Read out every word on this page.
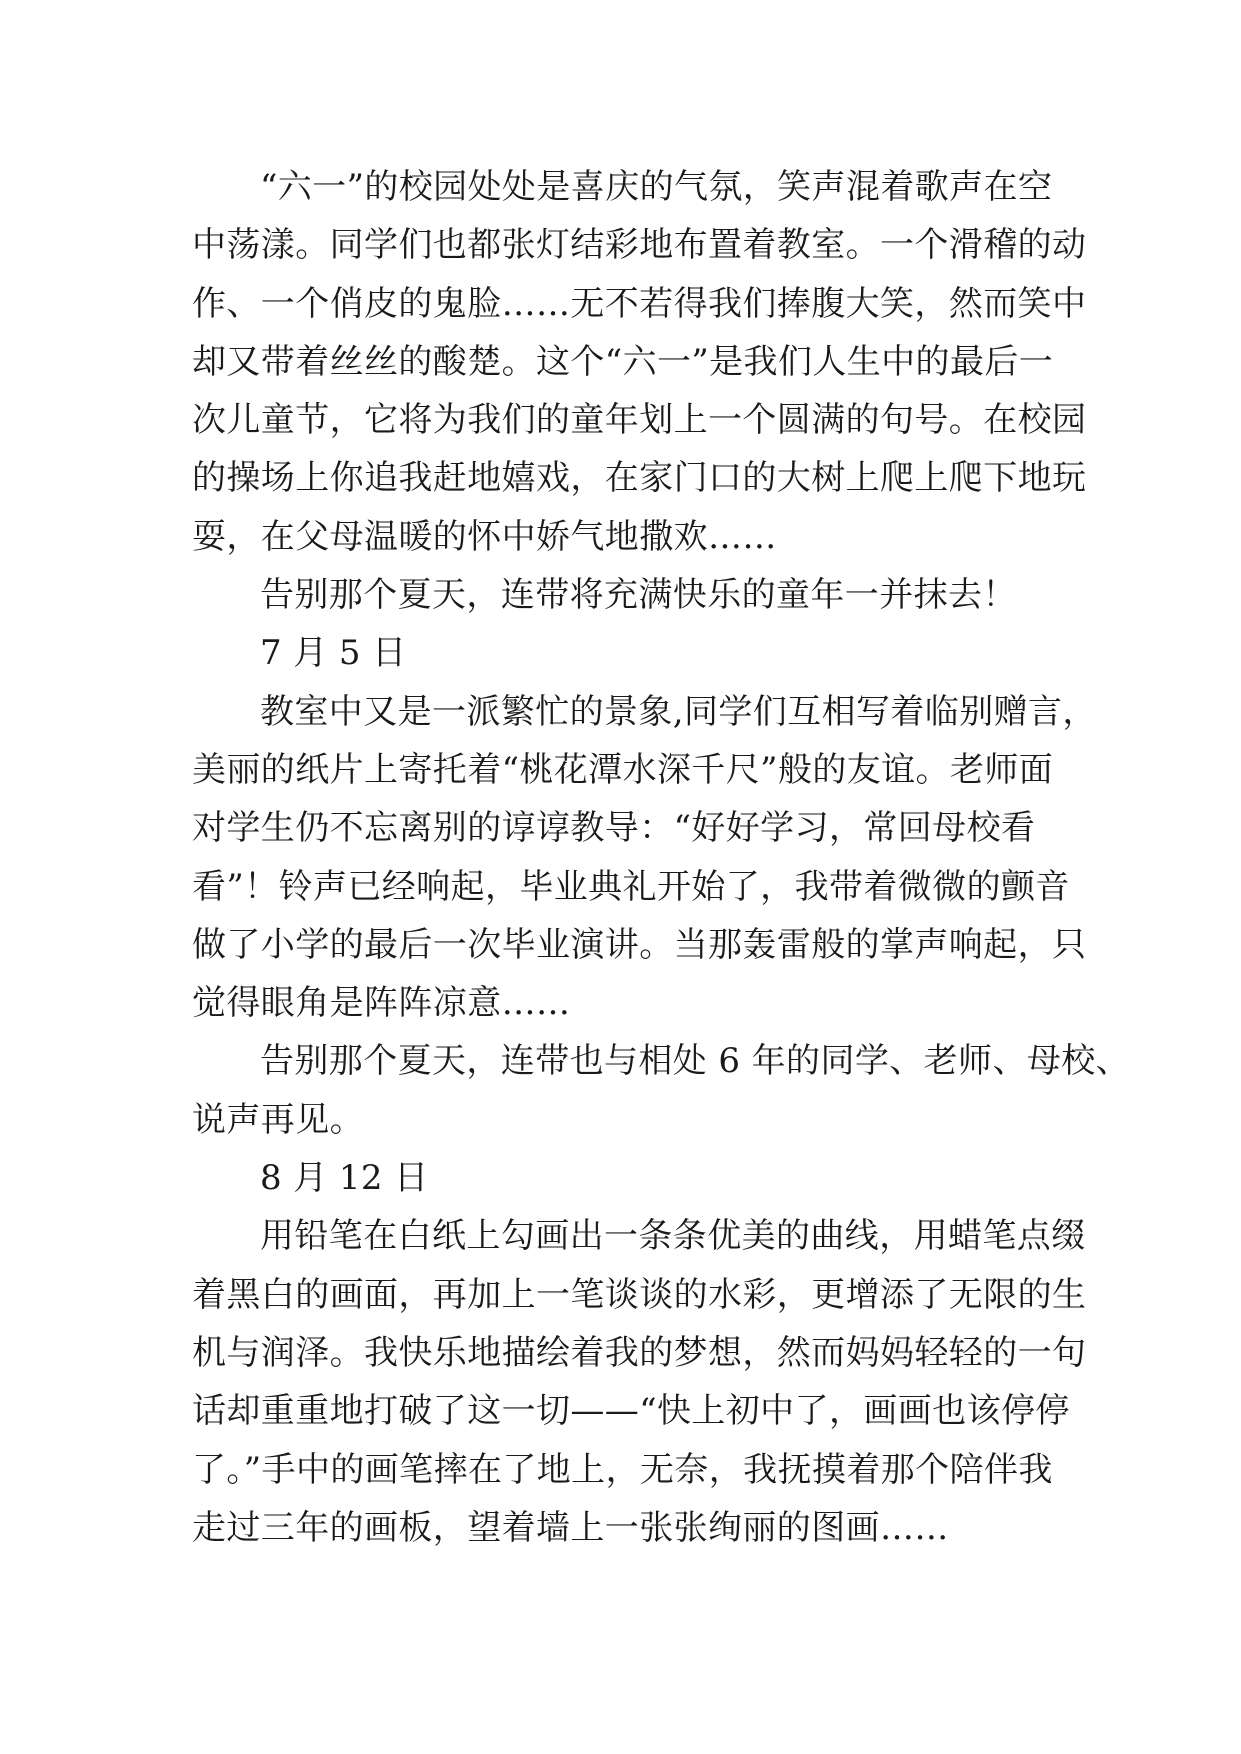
“六一”的校园处处是喜庆的气氛，笑声混着歌声在空
中荡漾。同学们也都张灯结彩地布置着教室。一个滑稽的动
作、一个俏皮的鬼脸……无不若得我们捧腹大笑，然而笑中
却又带着丝丝的酸楚。这个“六一”是我们人生中的最后一
次儿童节，它将为我们的童年划上一个圆满的句号。在校园
的操场上你追我赶地嬉戏，在家门口的大树上爬上爬下地玩
耍，在父母温暖的怀中娇气地撒欢……
告别那个夏天，连带将充满快乐的童年一并抹去！
7 月 5 日
教室中又是一派繁忙的景象,同学们互相写着临别赠言，
美丽的纸片上寄托着“桃花潭水深千尺”般的友谊。老师面
对学生仍不忘离别的谆谆教导：“好好学习，常回母校看
看”！铃声已经响起，毕业典礼开始了，我带着微微的颤音
做了小学的最后一次毕业演讲。当那轰雷般的掌声响起，只
觉得眼角是阵阵凉意……
告别那个夏天，连带也与相处 6 年的同学、老师、母校、
说声再见。
8 月 12 日
用铅笔在白纸上勾画出一条条优美的曲线，用蜡笔点缀
着黑白的画面，再加上一笔谈谈的水彩，更增添了无限的生
机与润泽。我快乐地描绘着我的梦想，然而妈妈轻轻的一句
话却重重地打破了这一切——“快上初中了，画画也该停停
了。”手中的画笔摔在了地上，无奈，我抚摸着那个陪伴我
走过三年的画板，望着墙上一张张绚丽的图画……
